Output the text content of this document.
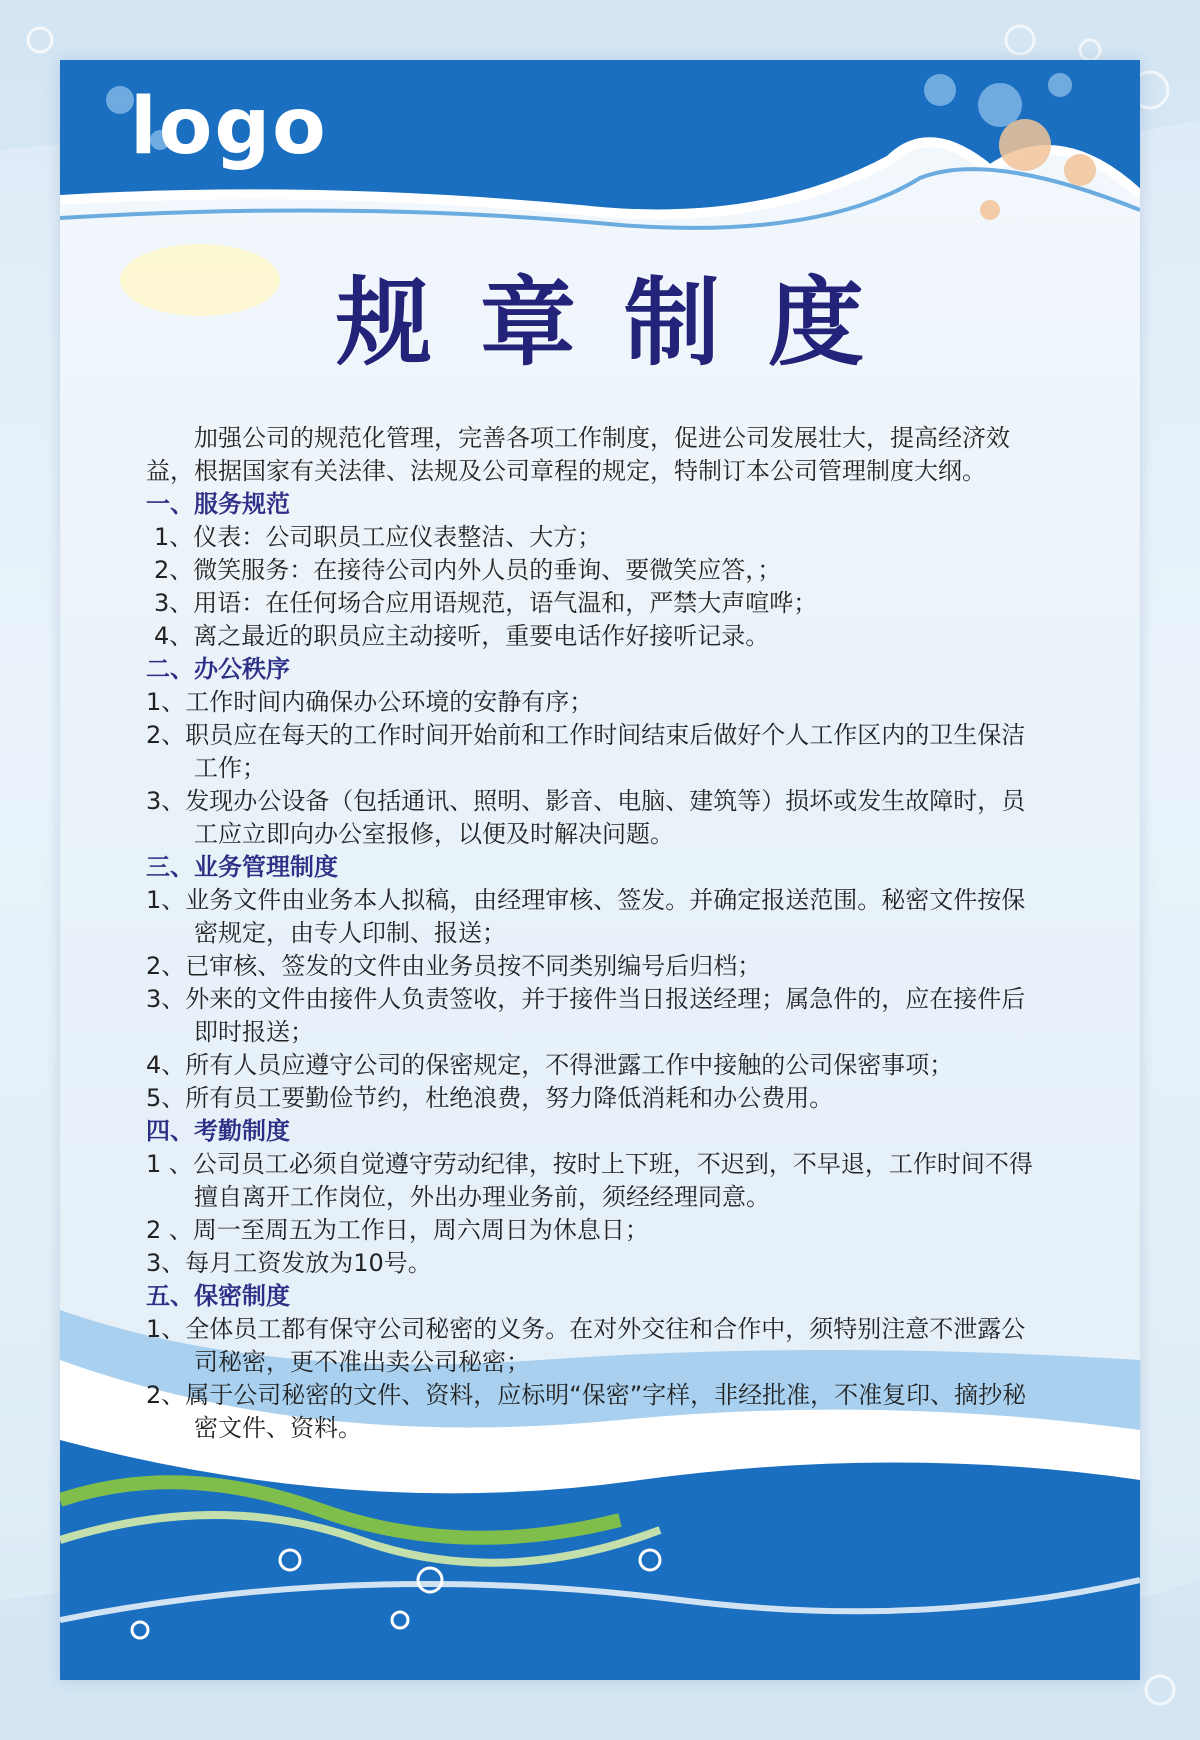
logo
规章制度

加强公司的规范化管理，完善各项工作制度，促进公司发展壮大，提高经济效益，根据国家有关法律、法规及公司章程的规定，特制订本公司管理制度大纲。

一、服务规范

1、仪表：公司职员工应仪表整洁、大方；

2、微笑服务：在接待公司内外人员的垂询、要微笑应答，；

3、用语：在任何场合应用语规范，语气温和，严禁大声喧哗；

4、离之最近的职员应主动接听，重要电话作好接听记录。

二、办公秩序

1、工作时间内确保办公环境的安静有序；

2、职员应在每天的工作时间开始前和工作时间结束后做好个人工作区内的卫生保洁工作；

3、发现办公设备（包括通讯、照明、影音、电脑、建筑等）损坏或发生故障时，员工应立即向办公室报修，以便及时解决问题。

三、业务管理制度

1、业务文件由业务本人拟稿，由经理审核、签发。并确定报送范围。秘密文件按保密规定，由专人印制、报送；

2、已审核、签发的文件由业务员按不同类别编号后归档；

3、外来的文件由接件人负责签收，并于接件当日报送经理；属急件的，应在接件后即时报送；

4、所有人员应遵守公司的保密规定，不得泄露工作中接触的公司保密事项；

5、所有员工要勤俭节约，杜绝浪费，努力降低消耗和办公费用。

四、考勤制度

1 、公司员工必须自觉遵守劳动纪律，按时上下班，不迟到，不早退，工作时间不得擅自离开工作岗位，外出办理业务前，须经经理同意。

2 、周一至周五为工作日，周六周日为休息日；

3、每月工资发放为10号。

五、保密制度

1、全体员工都有保守公司秘密的义务。在对外交往和合作中，须特别注意不泄露公司秘密，更不准出卖公司秘密；

2、属于公司秘密的文件、资料，应标明“保密”字样，非经批准，不准复印、摘抄秘密文件、资料。
